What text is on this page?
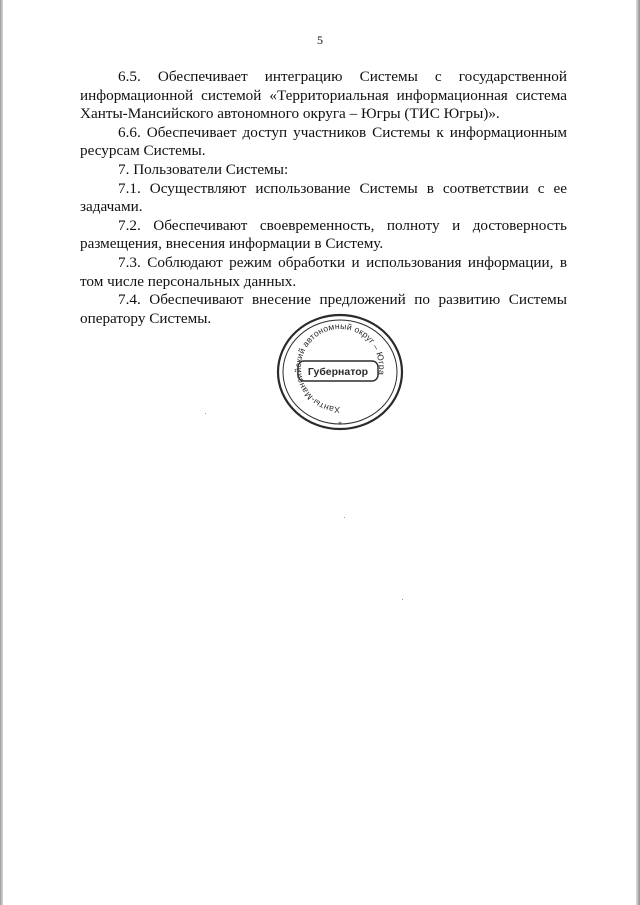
5

6.5. Обеспечивает интеграцию Системы с государственной информационной системой «Территориальная информационная система Ханты-Мансийского автономного округа – Югры (ТИС Югры)».

6.6. Обеспечивает доступ участников Системы к информационным ресурсам Системы.

7. Пользователи Системы:

7.1. Осуществляют использование Системы в соответствии с ее задачами.

7.2. Обеспечивают своевременность, полноту и достоверность размещения, внесения информации в Систему.

7.3. Соблюдают режим обработки и использования информации, в том числе персональных данных.

7.4. Обеспечивают внесение предложений по развитию Системы оператору Системы.

Ханты-Мансийский автономный округ – Югра
Губернатор
*
